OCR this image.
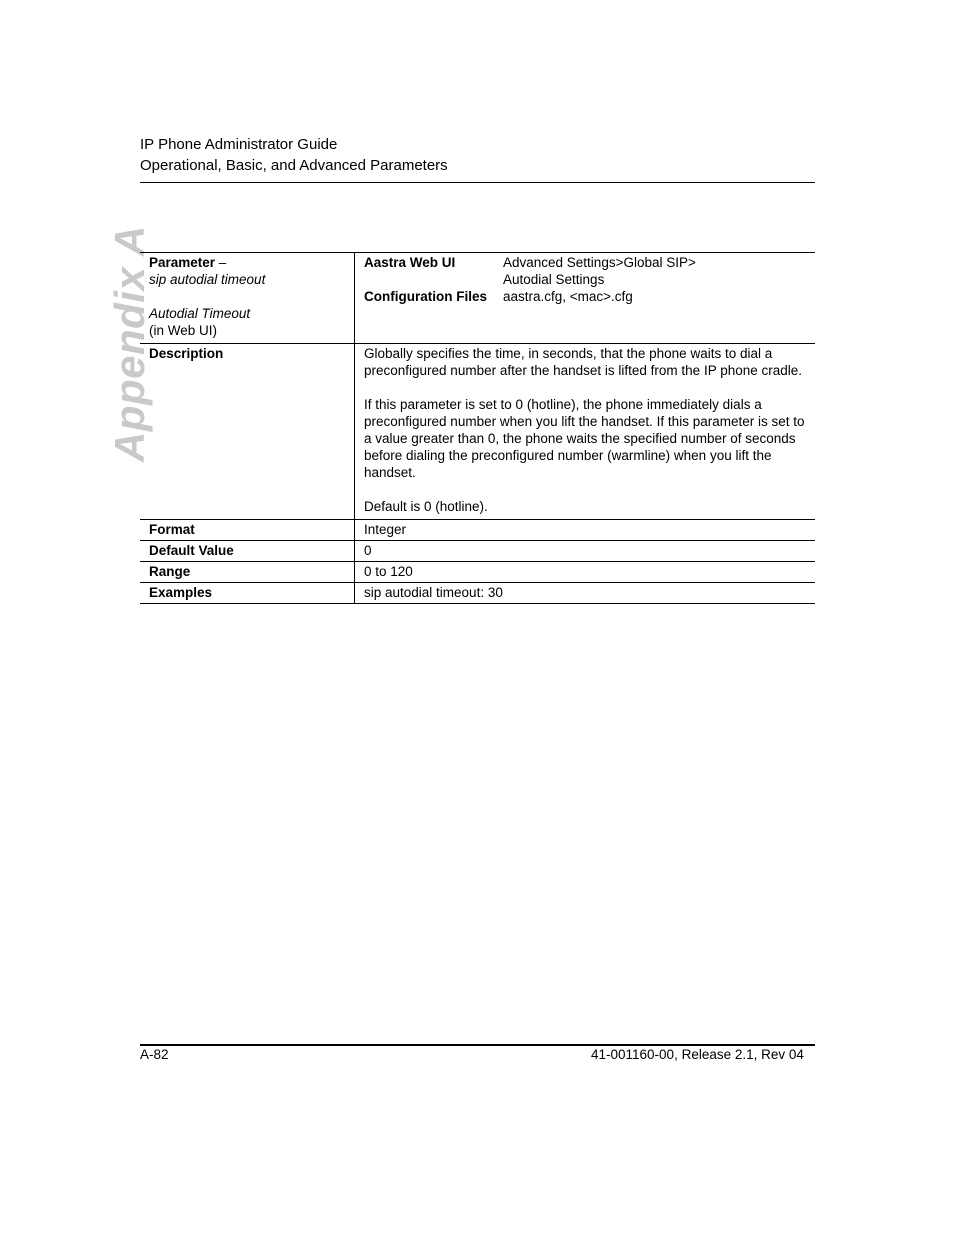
IP Phone Administrator Guide
Operational, Basic, and Advanced Parameters
Appendix A
Parameter –
sip autodial timeout
Autodial Timeout
(in Web UI)

Aastra Web UI	Advanced Settings>Global SIP>
Autodial Settings

Configuration Files	aastra.cfg, <mac>.cfg

Description	Globally specifies the time, in seconds, that the phone waits to dial a preconfigured number after the handset is lifted from the IP phone cradle.
If this parameter is set to 0 (hotline), the phone immediately dials a preconfigured number when you lift the handset. If this parameter is set to a value greater than 0, the phone waits the specified number of seconds before dialing the preconfigured number (warmline) when you lift the handset.
Default is 0 (hotline).

Format	Integer
Default Value	0
Range	0 to 120
Examples	sip autodial timeout: 30
A-82	41-001160-00, Release 2.1, Rev 04
